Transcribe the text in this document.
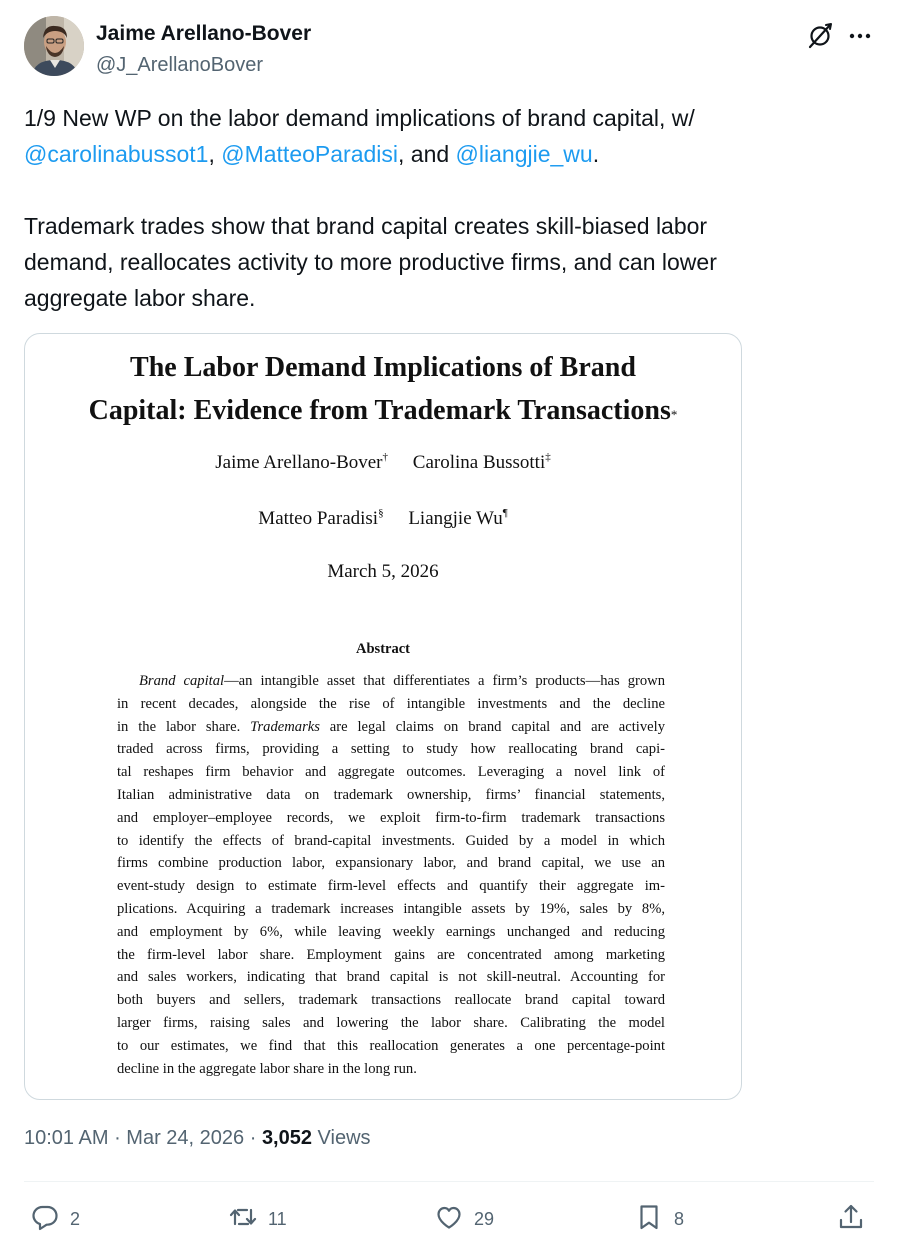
Jaime Arellano-Bover
@J_ArellanoBover
1/9 New WP on the labor demand implications of brand capital, w/
@carolinabussot1, @MatteoParadisi, and @liangjie_wu.
Trademark trades show that brand capital creates skill-biased labor
demand, reallocates activity to more productive firms, and can lower
aggregate labor share.
The Labor Demand Implications of Brand
Capital: Evidence from Trademark Transactions*
Jaime Arellano-Bover† Carolina Bussotti‡
Matteo Paradisi§ Liangjie Wu¶
March 5, 2026
Abstract
Brand capital—an intangible asset that differentiates a firm’s products—has grown
in recent decades, alongside the rise of intangible investments and the decline
in the labor share. Trademarks are legal claims on brand capital and are actively
traded across firms, providing a setting to study how reallocating brand capi-
tal reshapes firm behavior and aggregate outcomes. Leveraging a novel link of
Italian administrative data on trademark ownership, firms’ financial statements,
and employer–employee records, we exploit firm-to-firm trademark transactions
to identify the effects of brand-capital investments. Guided by a model in which
firms combine production labor, expansionary labor, and brand capital, we use an
event-study design to estimate firm-level effects and quantify their aggregate im-
plications. Acquiring a trademark increases intangible assets by 19%, sales by 8%,
and employment by 6%, while leaving weekly earnings unchanged and reducing
the firm-level labor share. Employment gains are concentrated among marketing
and sales workers, indicating that brand capital is not skill-neutral. Accounting for
both buyers and sellers, trademark transactions reallocate brand capital toward
larger firms, raising sales and lowering the labor share. Calibrating the model
to our estimates, we find that this reallocation generates a one percentage-point
decline in the aggregate labor share in the long run.
10:01 AM · Mar 24, 2026 · 3,052 Views
2	11	29	8
